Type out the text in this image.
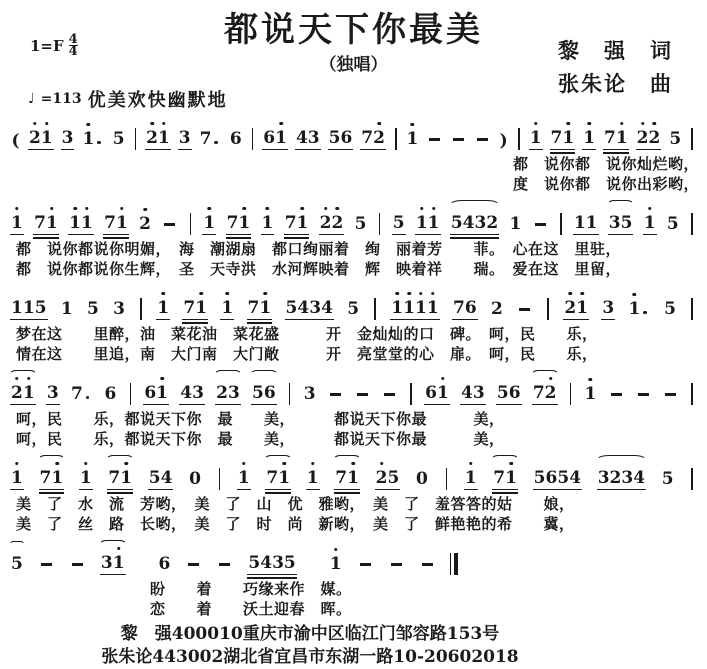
都说天下你最美
（独唱）
$1=F \frac{4}{4}$	黎　强　词
张朱论　曲
♩ =113 优美欢快幽默地
( 2 1 3 1 5 2 1 3 7 6 6 1 4 3 5 6 7 2 1	) 1 7 1 1 7 1 2 2 5
都　说你都　说你灿烂哟，
度　说你都　说你出彩哟，
1 7 1 1 1 7 1 2	1 7 1 1 7 1 2 2 5 5 1 1 5 4 3 2 1	1 1 3 5 1 5
都　说你都说你明媚，　海　潮湖扇　都口绚丽着　绚　丽着芳　　菲。　心在这　里驻，
都　说你都说你生辉，　圣　天寺洪　水河辉映着　辉　映着祥　　瑞。　爱在这　里留，
1 1 5 1 5 3 1 7 1 1 7 1 5 4 3 4 5 1 1 1 1 7 6 2	2 1 3 1 5
梦在这　　里醉，油　菜花油　菜花盛　　　开　金灿灿的口　碑。　呵，民　　乐，
情在这　　里追，南　大门南　大门敞　　　开　亮堂堂的心　扉。　呵，民　　乐，
2 1 3 7 6 6 1 4 3 2 3 5 6 3	6 1 4 3 5 6 7 2 1
呵，民　　乐，都说天下你　最　　美，　　　都说天下你最　　　美，
呵，民　　乐，都说天下你　最　　美，　　　都说天下你最　　　美，
1 7 1 1 7 1 5 4 0 1 7 1 1 7 1 2 5 0 1 7 1 5 6 5 4 3 2 3 4 5
美　了　水　流　芳哟，　美　了　山　优　雅哟，　美　了　羞答答的姑　　娘，
美　了　丝　路　长哟，　美　了　时　尚　新哟，　美　了　鲜艳艳的希　　冀，
5	3 1 6	5 4 3 5 1
盼　　着　　巧缘来作　媒。
恋　　着　　沃土迎春　晖。
黎　强400010重庆市渝中区临江门邹容路153号
张朱论443002湖北省宜昌市东湖一路10-20602018
